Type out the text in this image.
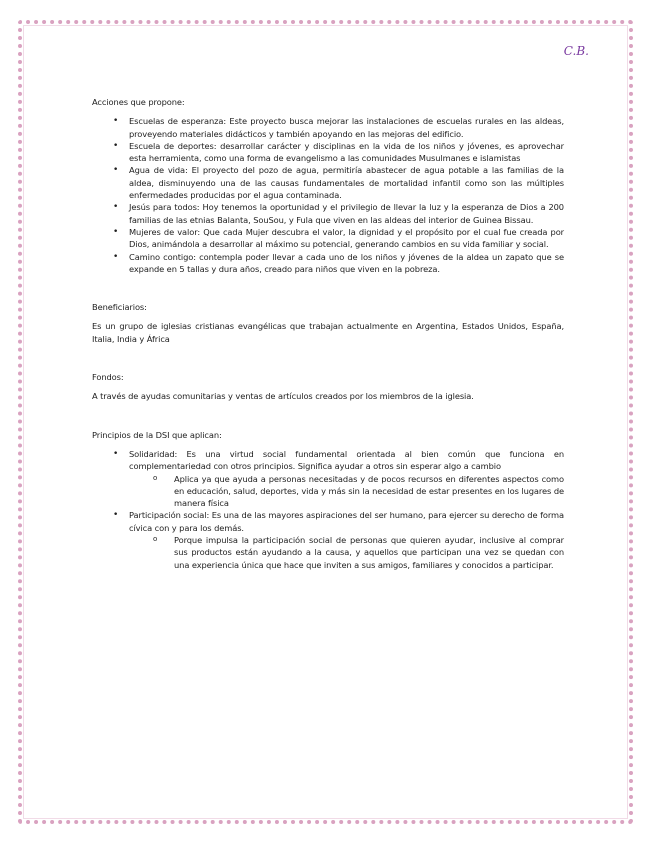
C.B.

Acciones que propone:

• Escuelas de esperanza: Este proyecto busca mejorar las instalaciones de escuelas rurales en las aldeas, proveyendo materiales didácticos y también apoyando en las mejoras del edificio.
• Escuela de deportes: desarrollar carácter y disciplinas en la vida de los niños y jóvenes, es aprovechar esta herramienta, como una forma de evangelismo a las comunidades Musulmanes e islamistas
• Agua de vida: El proyecto del pozo de agua, permitiría abastecer de agua potable a las familias de la aldea, disminuyendo una de las causas fundamentales de mortalidad infantil como son las múltiples enfermedades producidas por el agua contaminada.
• Jesús para todos: Hoy tenemos la oportunidad y el privilegio de llevar la luz y la esperanza de Dios a 200 familias de las etnias Balanta, SouSou, y Fula que viven en las aldeas del interior de Guinea Bissau.
• Mujeres de valor: Que cada Mujer descubra el valor, la dignidad y el propósito por el cual fue creada por Dios, animándola a desarrollar al máximo su potencial, generando cambios en su vida familiar y social.
• Camino contigo: contempla poder llevar a cada uno de los niños y jóvenes de la aldea un zapato que se expande en 5 tallas y dura años, creado para niños que viven en la pobreza.

Beneficiarios:

Es un grupo de iglesias cristianas evangélicas que trabajan actualmente en Argentina, Estados Unidos, España, Italia, India y África

Fondos:

A través de ayudas comunitarias y ventas de artículos creados por los miembros de la iglesia.

Principios de la DSI que aplican:

• Solidaridad: Es una virtud social fundamental orientada al bien común que funciona en complementariedad con otros principios. Significa ayudar a otros sin esperar algo a cambio
o Aplica ya que ayuda a personas necesitadas y de pocos recursos en diferentes aspectos como en educación, salud, deportes, vida y más sin la necesidad de estar presentes en los lugares de manera física
• Participación social: Es una de las mayores aspiraciones del ser humano, para ejercer su derecho de forma cívica con y para los demás.
o Porque impulsa la participación social de personas que quieren ayudar, inclusive al comprar sus productos están ayudando a la causa, y aquellos que participan una vez se quedan con una experiencia única que hace que inviten a sus amigos, familiares y conocidos a participar.
